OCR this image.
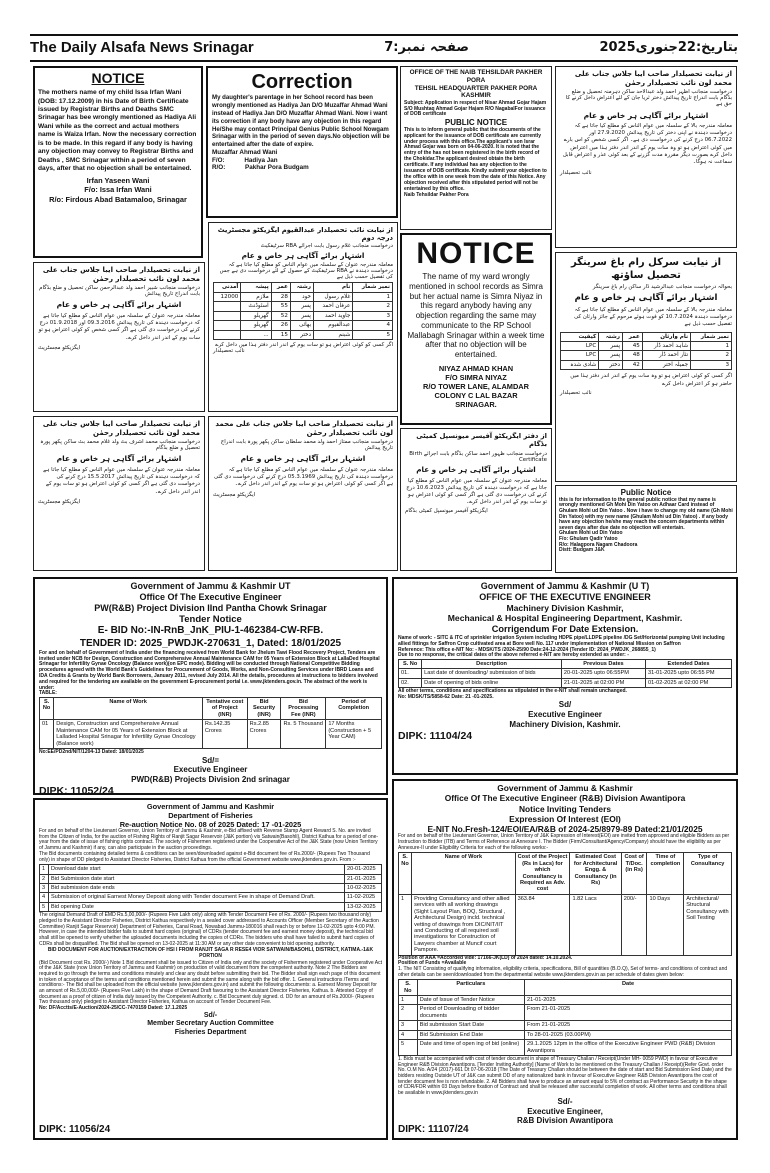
The Daily Alsafa News Srinagar	صفحہ نمبر:7	بتاریخ:22جنوری2025
NOTICE

The mothers name of my child Issa Irfan Wani (DOB: 17.12.2009) in his Date of Birth Certificate issued by Registrar Births and Deaths SMC Srinagar has bee wrongly mentioned as Hadiya Ali Wani while as the correct and actual mothers name is Waiza Irfan. Now the necessary correction is to be made. In this regard if any body is having any objection may convey to Registrar Births and Deaths , SMC Srinagar within a period of seven days, after that no objection shall be entertained.

Irfan Yaseen Wani
F/o: Issa Irfan Wani
R/o: Firdous Abad Batamaloo, Srinagar
Correction

My daughter's parentage in her School record has been wrongly mentioned as Hadiya Jan D/O Muzaffar Ahmad Wani instead of Hadiya Jan D/O Muzaffar Ahmad Wani. Now i want its correction if any body have any objection in this regard He/She may contact Principal Genius Public School Nowgam Srinagar with in the period of seven days.No objection will be entertained after the date of expire.

Muzaffar Ahmad Wani
F/O:	Hadiya Jan
R/O:	Pakhar Pora Budgam
OFFICE OF THE NAIB TEHSILDAR PAKHER PORA
TEHSIL HEADQUARTER PAKHER PORA KASHMIR

Subject: Application in respect of Nisar Ahmad Gojar Hajam S/O Mushtaq Ahmad Gojar Hajam R/O NagabalFor issuance of DOB certificate

PUBLIC NOTICE

This is to inform general public that the documents of the applicant for the issuance of DOB certificate are currently under process with this office.The applicant's son Israr Ahmad Gojar was born on 04-06-2020. It is noted that the entry of the has not been registered in the birth record of the Chokidar.The applicant desired obtain the birth certificate. If any individual has any objection to the issuance of DOB certificate. Kindly submit your objection to the office with in one week from the date of this Notice. Any objection received after this stipulated period will not be entertained by this office.

Naib Tehsildar Pakher Pora
از نیابت تحصیلدار صاحب ایبا جلاس جناب علی محمد لون نائب تحصیلدار رحمٰن

درخواست منجانب اظہر احمد ولد عبدالاحد ساکن دہرمنہ تحصیل و ضلع بڈگام بابت اندراج تاریخ پیدائش دختر ثریا جان کے لئے اعتراض داخل کرنے کا حق ہے

اشتہار برائے آگاہی ہر خاص و عام

معاملہ مندرجہ بالا کے سلسلہ میں عوام الناس کو مطلع کیا جاتا ہے کہ درخواست دہندہ نے اپنی دختر کی تاریخ پیدائش 27.9.2020 اور 06.7.2022 درج کرنے کی درخواست دی ہے۔ اگر کسی شخص کو اس بارے میں کوئی اعتراض ہو تو وہ سات یوم کے اندر اندر دفتر ہذا میں اعتراض داخل کرے بصورت دیگر مقررہ مدت گزرنے کے بعد کوئی عذر و اعتراض قابل سماعت نہ ہوگا۔

نائب تحصیلدار
از نیابت تحصیلدار صاحب ایبا جلاس جناب علی محمد لون نائب تحصیلدار رحمٰن

درخواست منجانب شبیر احمد ولد عبدالرحمن ساکن تحصیل و ضلع بڈگام بابت اندراج تاریخ پیدائش

اشتہار برائے آگاہی ہر خاص و عام

معاملہ مندرجہ عنوان کے سلسلہ میں عوام الناس کو مطلع کیا جاتا ہے کہ درخواست دہندہ کی تاریخ پیدائش 09.3.2016 اور 01.9.2018 درج کرنے کی درخواست دی گئی ہے اگر کسی شخص کو کوئی اعتراض ہو تو سات یوم کے اندر اندر داخل کرے۔

ایگزیکٹو مجسٹریٹ
از نیابت تحصیلدار صاحب ایبا جلاس جناب علی محمد لون نائب تحصیلدار رحمٰن

درخواست منجانب محمد اشرف بٹ ولد غلام محمد بٹ ساکن پکھر پورہ تحصیل و ضلع بڈگام

اشتہار برائے آگاہی ہر خاص و عام

معاملہ مندرجہ عنوان کے سلسلہ میں عوام الناس کو مطلع کیا جاتا ہے کہ درخواست دہندہ کی تاریخ پیدائش 15.5.2017 درج کرنے کی درخواست دی گئی ہے اگر کسی کو کوئی اعتراض ہو تو سات یوم کے اندر اندر داخل کرے۔

ایگزیکٹو مجسٹریٹ
از نیابت نائب تحصیلدار عبدالقیوم ایگزیکٹو مجسٹریٹ درجہ دوم

درخواست منجانب غلام رسول بابت اجرائے RBA سرٹیفکیٹ

اشتہار برائے آگاہی ہر خاص و عام

معاملہ مندرجہ عنوان کے سلسلہ میں عوام الناس کو مطلع کیا جاتا ہے کہ درخواست دہندہ نے RBA سرٹیفکیٹ کے حصول کے لئے درخواست دی ہے جس کی تفصیل حسب ذیل ہے

نمبر شمار	نام	رشتہ	عمر	پیشہ	آمدنی
1	غلام رسول	خود	28	ملازم	12000
2	عرفان احمد	پسر	55	اسٹوڈنٹ	
3	جاوید احمد	پسر	52	گھریلو	
4	عبدالقیوم	بھائی	26	گھریلو	
5	شبنم	دختر	15	...	

اگر کسی کو کوئی اعتراض ہو تو سات یوم کے اندر اندر دفتر ہذا میں داخل کرے

نائب تحصیلدار
از نیابت تحصیلدار صاحب ایبا جلاس جناب علی محمد لون نائب تحصیلدار رحمٰن

درخواست منجانب ممتاز احمد ولد محمد سلطان ساکن پکھر پورہ بابت اندراج تاریخ پیدائش

اشتہار برائے آگاہی ہر خاص و عام

معاملہ مندرجہ عنوان کے سلسلہ میں عوام الناس کو مطلع کیا جاتا ہے کہ درخواست دہندہ کی تاریخ پیدائش 05.3.1969 درج کرنے کی درخواست دی گئی ہے اگر کسی کو کوئی اعتراض ہو تو سات یوم کے اندر اندر داخل کرے۔

ایگزیکٹو مجسٹریٹ
NOTICE

The name of my ward wrongly mentioned in school records as Simra but her actual name is Simra Niyaz in this regard anybody having any objection regarding the same may communicate to the RP School Mallabagh Srinagar within a week time after that no objection will be entertained.

NIYAZ AHMAD KHAN
F/O SIMRA NIYAZ
R/O TOWER LANE, ALAMDAR
COLONY C LAL BAZAR
SRINAGAR.
از دفتر ایگزیکٹو آفیسر میونسپل کمیٹی بڈگام

درخواست منجانب ظہور احمد ساکن بڈگام بابت اجرائے Birth Certificate

اشتہار برائے آگاہی ہر خاص و عام

معاملہ مندرجہ عنوان کے سلسلہ میں عوام الناس کو مطلع کیا جاتا ہے کہ درخواست دہندہ کی تاریخ پیدائش 10.6.2023 درج کرنے کی درخواست دی گئی ہے اگر کسی کو کوئی اعتراض ہو تو سات یوم کے اندر اندر داخل کرے۔

ایگزیکٹو آفیسر میونسپل کمیٹی بڈگام
از نیابت سرکل رام باغ سرینگر تحصیل ساؤتھ

بحوالہ درخواست منجانب عبدالرشید ڈار ساکن رام باغ سرینگر

اشتہار برائے آگاہی ہر خاص و عام

معاملہ مندرجہ بالا کے سلسلہ میں عوام الناس کو مطلع کیا جاتا ہے کہ درخواست دہندہ 10.7.2024 کو فوت ہوئے مرحوم کے جائز وارثان کی تفصیل حسب ذیل ہے

نمبر شمار	نام وارثان	عمر	رشتہ	کیفیت
1	شاہد احمد ڈار	45	پسر	LPC
2	نثار احمد ڈار	48	پسر	LPC
3	جمیلہ اختر	42	دختر	شادی شدہ

اگر کسی کو کوئی اعتراض ہو تو وہ سات یوم کے اندر اندر دفتر ہذا میں حاضر ہو کر اعتراض داخل کرے

نائب تحصیلدار
Public Notice

this is for information to the general public notice that my name is wrongly mentioned Gh Mohi Din Yatoo on Adhaar Card instead of Ghulam Mohi ud Din Yatoo . Now i have to change my old name (Gh Mohi Din Yatoo) with my new name (Ghulam Mohi ud Din Yatoo) . if any body have any objection he/she may reach the concern departments within seven days after due date no objection will entertain.

Ghulam Mohi ud Din Yatoo
F/o: Ghulam Qadir Yatoo
R/o: Halagpora Nagam Chadoora
Distt: Budgam J&K
Government of Jammu & Kashmir UT
Office Of The Executive Engineer
PW(R&B) Project Division IInd Pantha Chowk Srinagar
Tender Notice
E- BID No:-IN-RnB_JnK_PIU-1-462384-CW-RFB.
TENDER ID: 2025_PWDJK-270631_1, Dated: 18/01/2025

For and on behalf of Government of India under the financing received from World Bank for Jhelum Tawi Flood Recovery Project, Tenders are invited under NCB for Design, Construction and Comprehensive Annual Maintenance CAM for 05 Years of Extension Block at LallaDed Hospital Srinagar for Infertility Gynae Oncology (Balance work)(on EPC mode). Bidding will be conducted through National Competitive Bidding procedures agreed with the World Bank's Guidelines for Procurement of Goods, Works, and Non-Consulting Services under IBRD Loans and IDA Credits & Grants by World Bank Borrowers, January 2011, revised July 2014. All the details, procedures at instructions to bidders involved and required for the tendering are available on the government E-procurement portal i.e. www.jktenders.gov.in. The abstract of the work is under:

TABLE:
S. No	Name of Work	Tentative cost of Project (INR)	Bid Security (INR)	Bid Processing Fee (INR)	Period of Completion
01	Design, Construction and Comprehensive Annual Maintenance CAM for 05 Years of Extension Block at Lalladed Hospital Srinagar for Infertility Gynae Oncology (Balance work)	Rs.142.35 Crores	Rs.2.85 Crores	Rs. 5 Thousand	17 Months (Construction + 5 Year CAM)
No:EE/PD2nd/NIT/1204-13 Dated: 18/01/2025
Sd/=
Executive Engineer
PWD(R&B) Projects Division 2nd srinagar
DIPK: 11052/24
Government of Jammu & Kashmir (U T)
OFFICE OF THE EXECUTIVE ENGINEER
Machinery Division Kashmir,
Mechanical & Hospital Engineering Department, Kashmir.
Corrigendum For Date Extension.

Name of work: - SITC & ITC of sprinkler irrigation System including HDPE pipe/LLDPE pipeline /DG Set/Horizontal pumping Unit including allied fittings for Saffron Crop cultivated area at Bore well No. 117 under implementation of National Mission on Saffron

Reference: This office e-NIT No: - MDSK/TS /2024-25/90 Date:24-12-2024 (Tender ID: 2024_PWDJK_268855_1)

Due to no response, the critical dates of the above referred e-NIT are hereby extended as under: -

S. No	Description	Previous Dates	Extended Dates
01.	Last date of downloading/ submission of bids	20-01-2025 upto 06:55PM	31-01-2025 upto 06:55 PM
02.	Date of opening of bids online	21-01-2025 at 02:00 PM	01-02-2025 at 02:00 PM

All other terms, conditions and specifications as stipulated in the e-NIT shall remain unchanged.

No: MDSK/TS/5858-62 Date: 21 -01-2025.
Sd/
Executive Engineer
Machinery Division, Kashmir.
DIPK: 11104/24
Government of Jammu and Kashmir
Department of Fisheries
Re-auction Notice No. 08 of 2025 Dated: 17 -01-2025

For and on behalf of the Lieutenant Governor, Union Territory of Jammu & Kashmir, e-Bid affixed with Reverse Stamp Agent Reward S. No. are invited from the Citizen of India, for the auction of Fishing Rights of Ranjit Sagar Reservoir (J&K portion) vis Satwain(Basohli), District Kathua for a period of one-year from the date of issue of fishing rights contract. The society of Fishermen registered under the Cooperative Act of the J&K State (now Union Territory of Jammu and Kashmir) if any, can also participate in the auction proceedings.

The Bid documents containing detailed terms & conditions can be seen/downloaded against e-Bid document fee of Rs.2000/- (Rupees Two Thousand only) in shape of DD pledged to Assistant Director Fisheries, District Kathua from the official Government website www.jktenders.gov.in. From :-

1	Download date start	20-01-2025
2	Bid Submission date start	21-01-2025
3	Bid submission date ends	10-02-2025
4	Submission of original Earnest Money Deposit along with Tender document Fee in shape of Demand Draft.	11-02-2025
5	Bid opening Date	13-02-2025

The original Demand Draft of EMD Rs.5,00,000/- (Rupees Five Lakh only) along with Tender Document Fee of Rs. 2000/- (Rupees two thousand only) pledged to the Assistant Director Fisheries, District Kathua respectively in a sealed cover addressed to Accounts Officer (Member Secretary of the Auction Committee) Ranjit Sagar Reservoir) Department of Fisheries, Canal Road, Nowabad Jammu-180016 shall reach by or before 11-02-2025 upto 4:00 PM. However, in case the intended bidder fails to submit hard copies (original) of CDRs (tender document fee and earnest money deposit), the technical bid shall still be opened to verify whether the uploaded documents including the copies of CDRs. The bidders who shall have failed to submit hard copies of CDRs shall be disqualified. The Bid shall be opened on 13-02-2025 at 11:30 AM or any other date convenient to bid opening authority.

BID DOCUMENT FOR AUCTION/EXTRACTION OF HSI I FROM RANJIT SAGA R RESE4 VIOR SATWAIN/BASOHLI, DISTRICT, KATIMA.-1&K PORTION

(Bid Document cost Rs. 2000/-) Note 1 Bid document shall be issued to Citizen of India only and the society of Fishermen registered under Cooperative Act of the J&K State (now Union Territory of Jammu and Kashmir) on production of valid document from the competent authority. Note 2 The Bidders are required to go through the terms and conditions minutely and clear any doubt before submitting their bid. The Bidder shall sign each page of this document in token of acceptance of the terms and conditions mentioned herein and submit the same along with the bid offer. 1. General instructions /Terms and conditions:- The Bid shall be uploaded from the official website (www.jktenders.gov.in) and submit the following documents: a. Earnest Money Deposit for an amount of Rs.5,00,000/- (Rupees Five Lakh) in the shape of Demand Draft favouring to the Assistant Director Fisheries, Kathua. b. Attested Copy of document as a proof of citizen of India duly issued by the Competent Authority. c. Bid Document duly signed. d. DD for an amount of Rs.2000/- (Rupees Two thousand only) pledged to Assistant Director Fisheries, Kathua on account of Tender Document Fee.

No: DF/Acctts/E-Auction/2024-25/CC-7470159 Dated: 17.1.2025
Sd/-
Member Secretary Auction Committee
Fisheries Department
DIPK: 11056/24
Government of Jammu & Kashmir
Office Of The Executive Engineer (R&B) Division Awantipora
Notice Inviting Tenders
Expression Of Interest (EOI)
E-NIT No.Fresh-124/EOI/EA/R&B of 2024-25/8979-89 Dated:21/01/2025

For and on behalf of the Lieutenant Governor, Union Territory of J&K Expression of Interest(EOI) are invited from approved and eligible Bidders as per Instruction to Bidder (ITB) and Terms of Reference at Annexure I. The Bidder (Firm/Consultant/Agency/Company) should have the eligibility as per Annexure-II under Eligibility Criteria for each of the following works:-

S. No	Name of Work	Cost of the Project (Rs in Lacs) for which Consultancy is Required as Adv. cost	Estimated Cost for Architectural Engg. & Consultancy (in Rs)	Cost of T/Doc. (in Rs)	Time of completion	Type of Consultancy
1	Providing Consultancy and other allied services with all working drawings (Sight Layout Plan, BOQ, Structural , Architectural Design) incld. technical vetting of drawings from DIC/NIT/IIT and Conducting of all required soil investigations for Construction of Lawyers chamber at Muncif court Pampore.	363.84	1.82 Lacs	200/-	10 Days	Architectural/ Structural Consultancy with Soil Testing
Position of AAA =Accorded vide: 17166-JK(LD) of 2024 dated: 14.10.2024.
Position of Funds =Available

1. The NIT Consisting of qualifying information, eligibility criteria, specifications, Bill of quantities (B.O.Q), Set of terms- and conditions of contract and other details can be seen/downloaded from the departmental website www.jktenders.gov.in as per schedule of dates given below:

S. No	Particulars	Date
1	Date of Issue of Tender Notice	21-01-2025
2	Period of Downloading of bidder documents	From 21-01-2025
3	Bid submission Start Date	From 21-01-2025
4	Bid Submission End Date	To 28-01-2025 (03.00PM)
5	Date and time of open ing of bid (online)	29.1.2025 12pm in the office of the Executive Engineer PWD (R&B) Division Awantipora

1. Bids must be accompanied with cost of tender document in shape of Treasury Challan / Receipt(Under MH- 0059 PWD) in favour of Executive Engineer R&B Division Awantipora. [Tender Inviting Authority] (Name of Work to be mentioned on the Treasury Challan / Receipt)(Refer Govt. order No. O.M No. A/24 (2017)-661 Dt 07-06-2018 (The Date of Treasury Challan should be between the date of start and Bid Submission End Date) and the bidders residing Outside UT of J&K can submit DD of any nationalized bank in favour of Executive Engineer R&B Division Awantipora the cost of tender document fee is non refundable. 2. All Bidders shall have to produce an amount equal to 5% of contract as Performance Security in the shape of CDR/FDR within 03 Days before fixation of Contract and shall be released after successful completion of work. All other terms and conditions shall be available in www.jktenders.gov.in

Sd/-
Executive Engineer,
R&B Division Awantipora
DIPK: 11107/24
